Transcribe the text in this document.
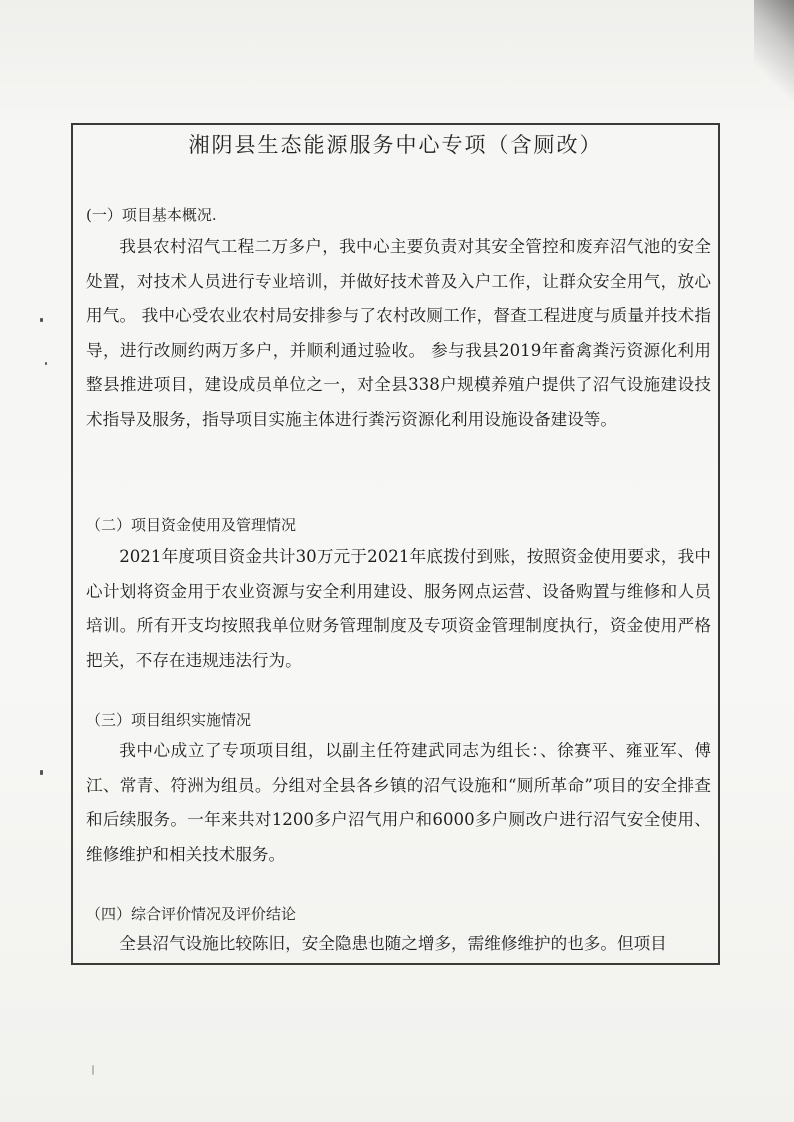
湘阴县生态能源服务中心专项（含厕改）
(一）项目基本概况.
我县农村沼气工程二万多户，我中心主要负责对其安全管控和废弃沼气池的安全处置，对技术人员进行专业培训，并做好技术普及入户工作，让群众安全用气，放心用气。 我中心受农业农村局安排参与了农村改厕工作，督查工程进度与质量并技术指导，进行改厕约两万多户，并顺利通过验收。 参与我县2019年畜禽粪污资源化利用整县推进项目，建设成员单位之一，对全县338户规模养殖户提供了沼气设施建设技术指导及服务，指导项目实施主体进行粪污资源化利用设施设备建设等。
（二）项目资金使用及管理情况
2021年度项目资金共计30万元于2021年底拨付到账，按照资金使用要求，我中心计划将资金用于农业资源与安全利用建设、服务网点运营、设备购置与维修和人员培训。所有开支均按照我单位财务管理制度及专项资金管理制度执行，资金使用严格把关，不存在违规违法行为。
（三）项目组织实施情况
我中心成立了专项项目组，以副主任符建武同志为组长：、徐赛平、雍亚军、傅江、常青、符洲为组员。分组对全县各乡镇的沼气设施和“厕所革命”项目的安全排查和后续服务。一年来共对1200多户沼气用户和6000多户厕改户进行沼气安全使用、维修维护和相关技术服务。
（四）综合评价情况及评价结论
全县沼气设施比较陈旧，安全隐患也随之增多，需维修维护的也多。但项目
